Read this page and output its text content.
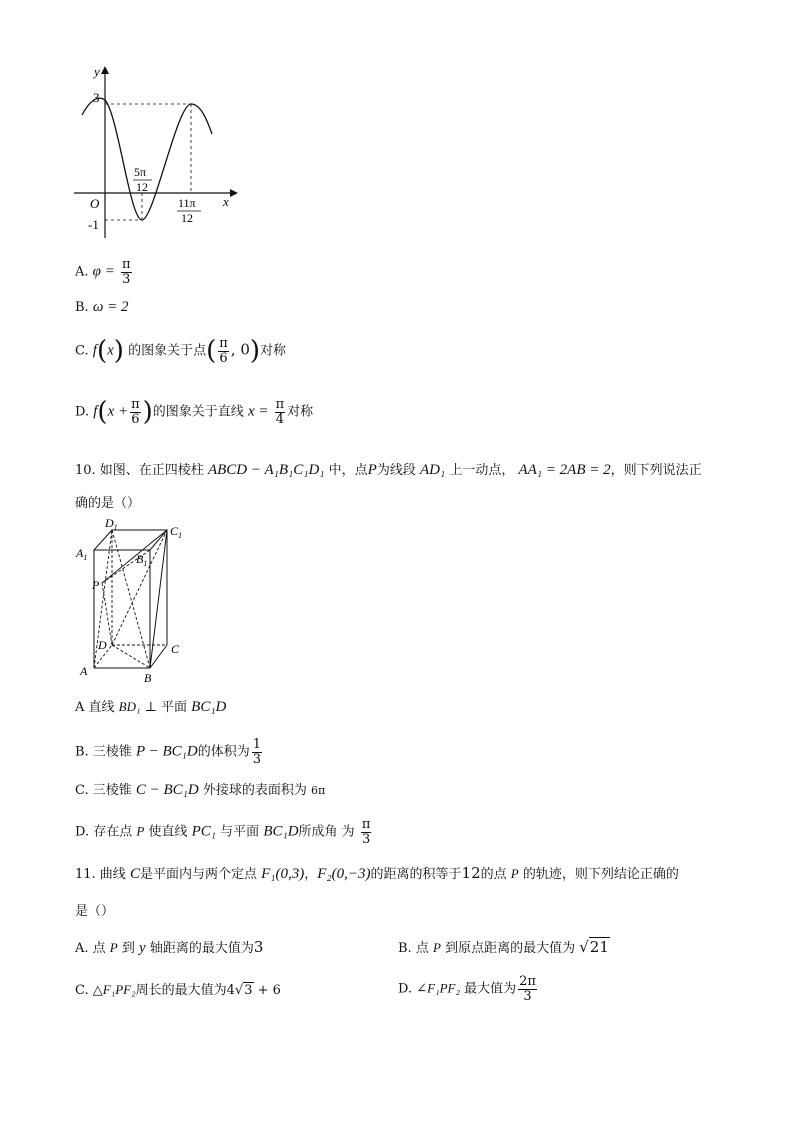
y
x
O
3
-1
5π
12
11π
12
A. $\varphi = \frac{\pi}{3}$
B. ω = 2
C. f(x) 的图象关于点( $\frac{\pi}{6}$ , 0)对称
D. $f(x + \frac{\pi}{6}$ )的图象关于直线 $x = \frac{\pi}{4}$ 对称
10. 如图、在正四棱柱 ABCD − A₁B₁C₁D₁ 中，点P为线段 AD₁ 上一动点， AA₁ = 2AB = 2，则下列说法正
确的是（）
$D_1$	$C_1$
$A_1$	$B_1$
P
D	C
A	B
A 直线 BD₁ ⊥ 平面 BC₁D
B. 三棱锥 P − BC₁D的体积为 $\frac{1}{3}$
C. 三棱锥 C − BC₁D 外接球的表面积为 6π
D. 存在点 P 使直线 PC₁ 与平面 BC₁D所成角 为 $\frac{\pi}{3}$
11. 曲线 C是平面内与两个定点 F₁(0,3)，F₂(0,−3)的距离的积等于12的点 P 的轨迹，则下列结论正确的
是（）
A. 点 P 到 y 轴距离的最大值为3	B. 点 P 到原点距离的最大值为 √21
C. △F₁PF₂周长的最大值为4√3 + 6	D. ∠F₁PF₂ 最大值为 $\frac{2\pi}{3}$
